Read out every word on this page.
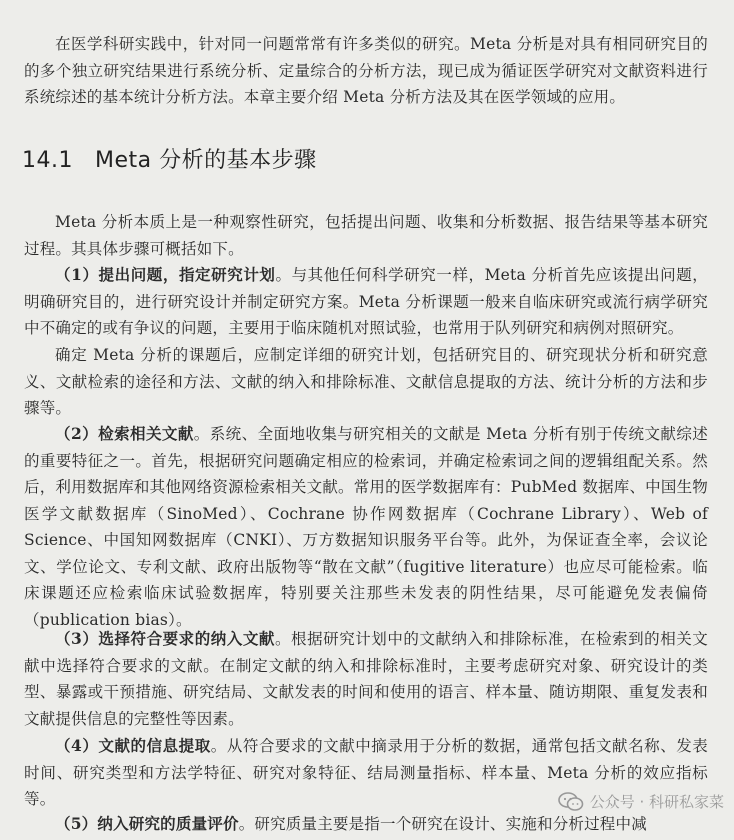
在医学科研实践中，针对同一问题常常有许多类似的研究。Meta 分析是对具有相同研究目的的多个独立研究结果进行系统分析、定量综合的分析方法，现已成为循证医学研究对文献资料进行系统综述的基本统计分析方法。本章主要介绍 Meta 分析方法及其在医学领域的应用。

14.1 Meta 分析的基本步骤

Meta 分析本质上是一种观察性研究，包括提出问题、收集和分析数据、报告结果等基本研究过程。其具体步骤可概括如下。

（1）提出问题，指定研究计划。与其他任何科学研究一样，Meta 分析首先应该提出问题，明确研究目的，进行研究设计并制定研究方案。Meta 分析课题一般来自临床研究或流行病学研究中不确定的或有争议的问题，主要用于临床随机对照试验，也常用于队列研究和病例对照研究。

确定 Meta 分析的课题后，应制定详细的研究计划，包括研究目的、研究现状分析和研究意义、文献检索的途径和方法、文献的纳入和排除标准、文献信息提取的方法、统计分析的方法和步骤等。

（2）检索相关文献。系统、全面地收集与研究相关的文献是 Meta 分析有别于传统文献综述的重要特征之一。首先，根据研究问题确定相应的检索词，并确定检索词之间的逻辑组配关系。然后，利用数据库和其他网络资源检索相关文献。常用的医学数据库有：PubMed 数据库、中国生物医学文献数据库（SinoMed）、Cochrane 协作网数据库（Cochrane Library）、Web of Science、中国知网数据库（CNKI）、万方数据知识服务平台等。此外，为保证查全率，会议论文、学位论文、专利文献、政府出版物等“散在文献”（fugitive literature）也应尽可能检索。临床课题还应检索临床试验数据库，特别要关注那些未发表的阴性结果，尽可能避免发表偏倚（publication bias）。

（3）选择符合要求的纳入文献。根据研究计划中的文献纳入和排除标准，在检索到的相关文献中选择符合要求的文献。在制定文献的纳入和排除标准时，主要考虑研究对象、研究设计的类型、暴露或干预措施、研究结局、文献发表的时间和使用的语言、样本量、随访期限、重复发表和文献提供信息的完整性等因素。

（4）文献的信息提取。从符合要求的文献中摘录用于分析的数据，通常包括文献名称、发表时间、研究类型和方法学特征、研究对象特征、结局测量指标、样本量、Meta 分析的效应指标等。

（5）纳入研究的质量评价。研究质量主要是指一个研究在设计、实施和分析过程中减

公众号 · 科研私家菜
